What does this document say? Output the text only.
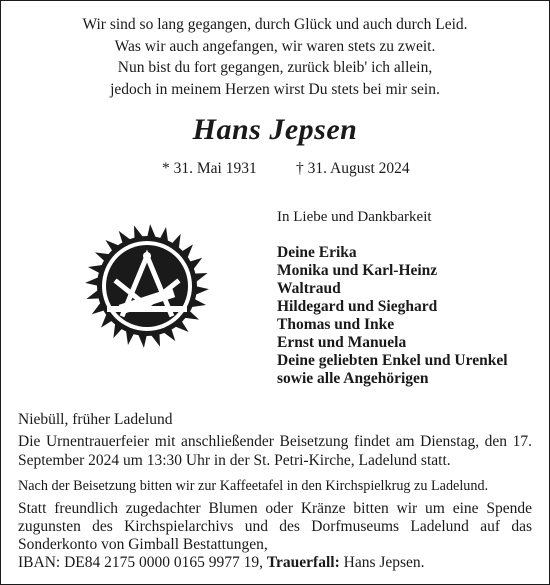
Wir sind so lang gegangen, durch Glück und auch durch Leid.
Was wir auch angefangen, wir waren stets zu zweit.
Nun bist du fort gegangen, zurück bleib' ich allein,
jedoch in meinem Herzen wirst Du stets bei mir sein.
Hans Jepsen
* 31. Mai 1931	† 31. August 2024
In Liebe und Dankbarkeit
Deine Erika
Monika und Karl-Heinz
Waltraud
Hildegard und Sieghard
Thomas und Inke
Ernst und Manuela
Deine geliebten Enkel und Urenkel
sowie alle Angehörigen
Niebüll, früher Ladelund
Die Urnentrauerfeier mit anschließender Beisetzung findet am Dienstag, den 17. September 2024 um 13:30 Uhr in der St. Petri-Kirche, Ladelund statt.
Nach der Beisetzung bitten wir zur Kaffeetafel in den Kirchspielkrug zu Ladelund.
Statt freundlich zugedachter Blumen oder Kränze bitten wir um eine Spende zugunsten des Kirchspielarchivs und des Dorfmuseums Ladelund auf das Sonderkonto von Gimball Bestattungen,
IBAN: DE84 2175 0000 0165 9977 19, Trauerfall: Hans Jepsen.
